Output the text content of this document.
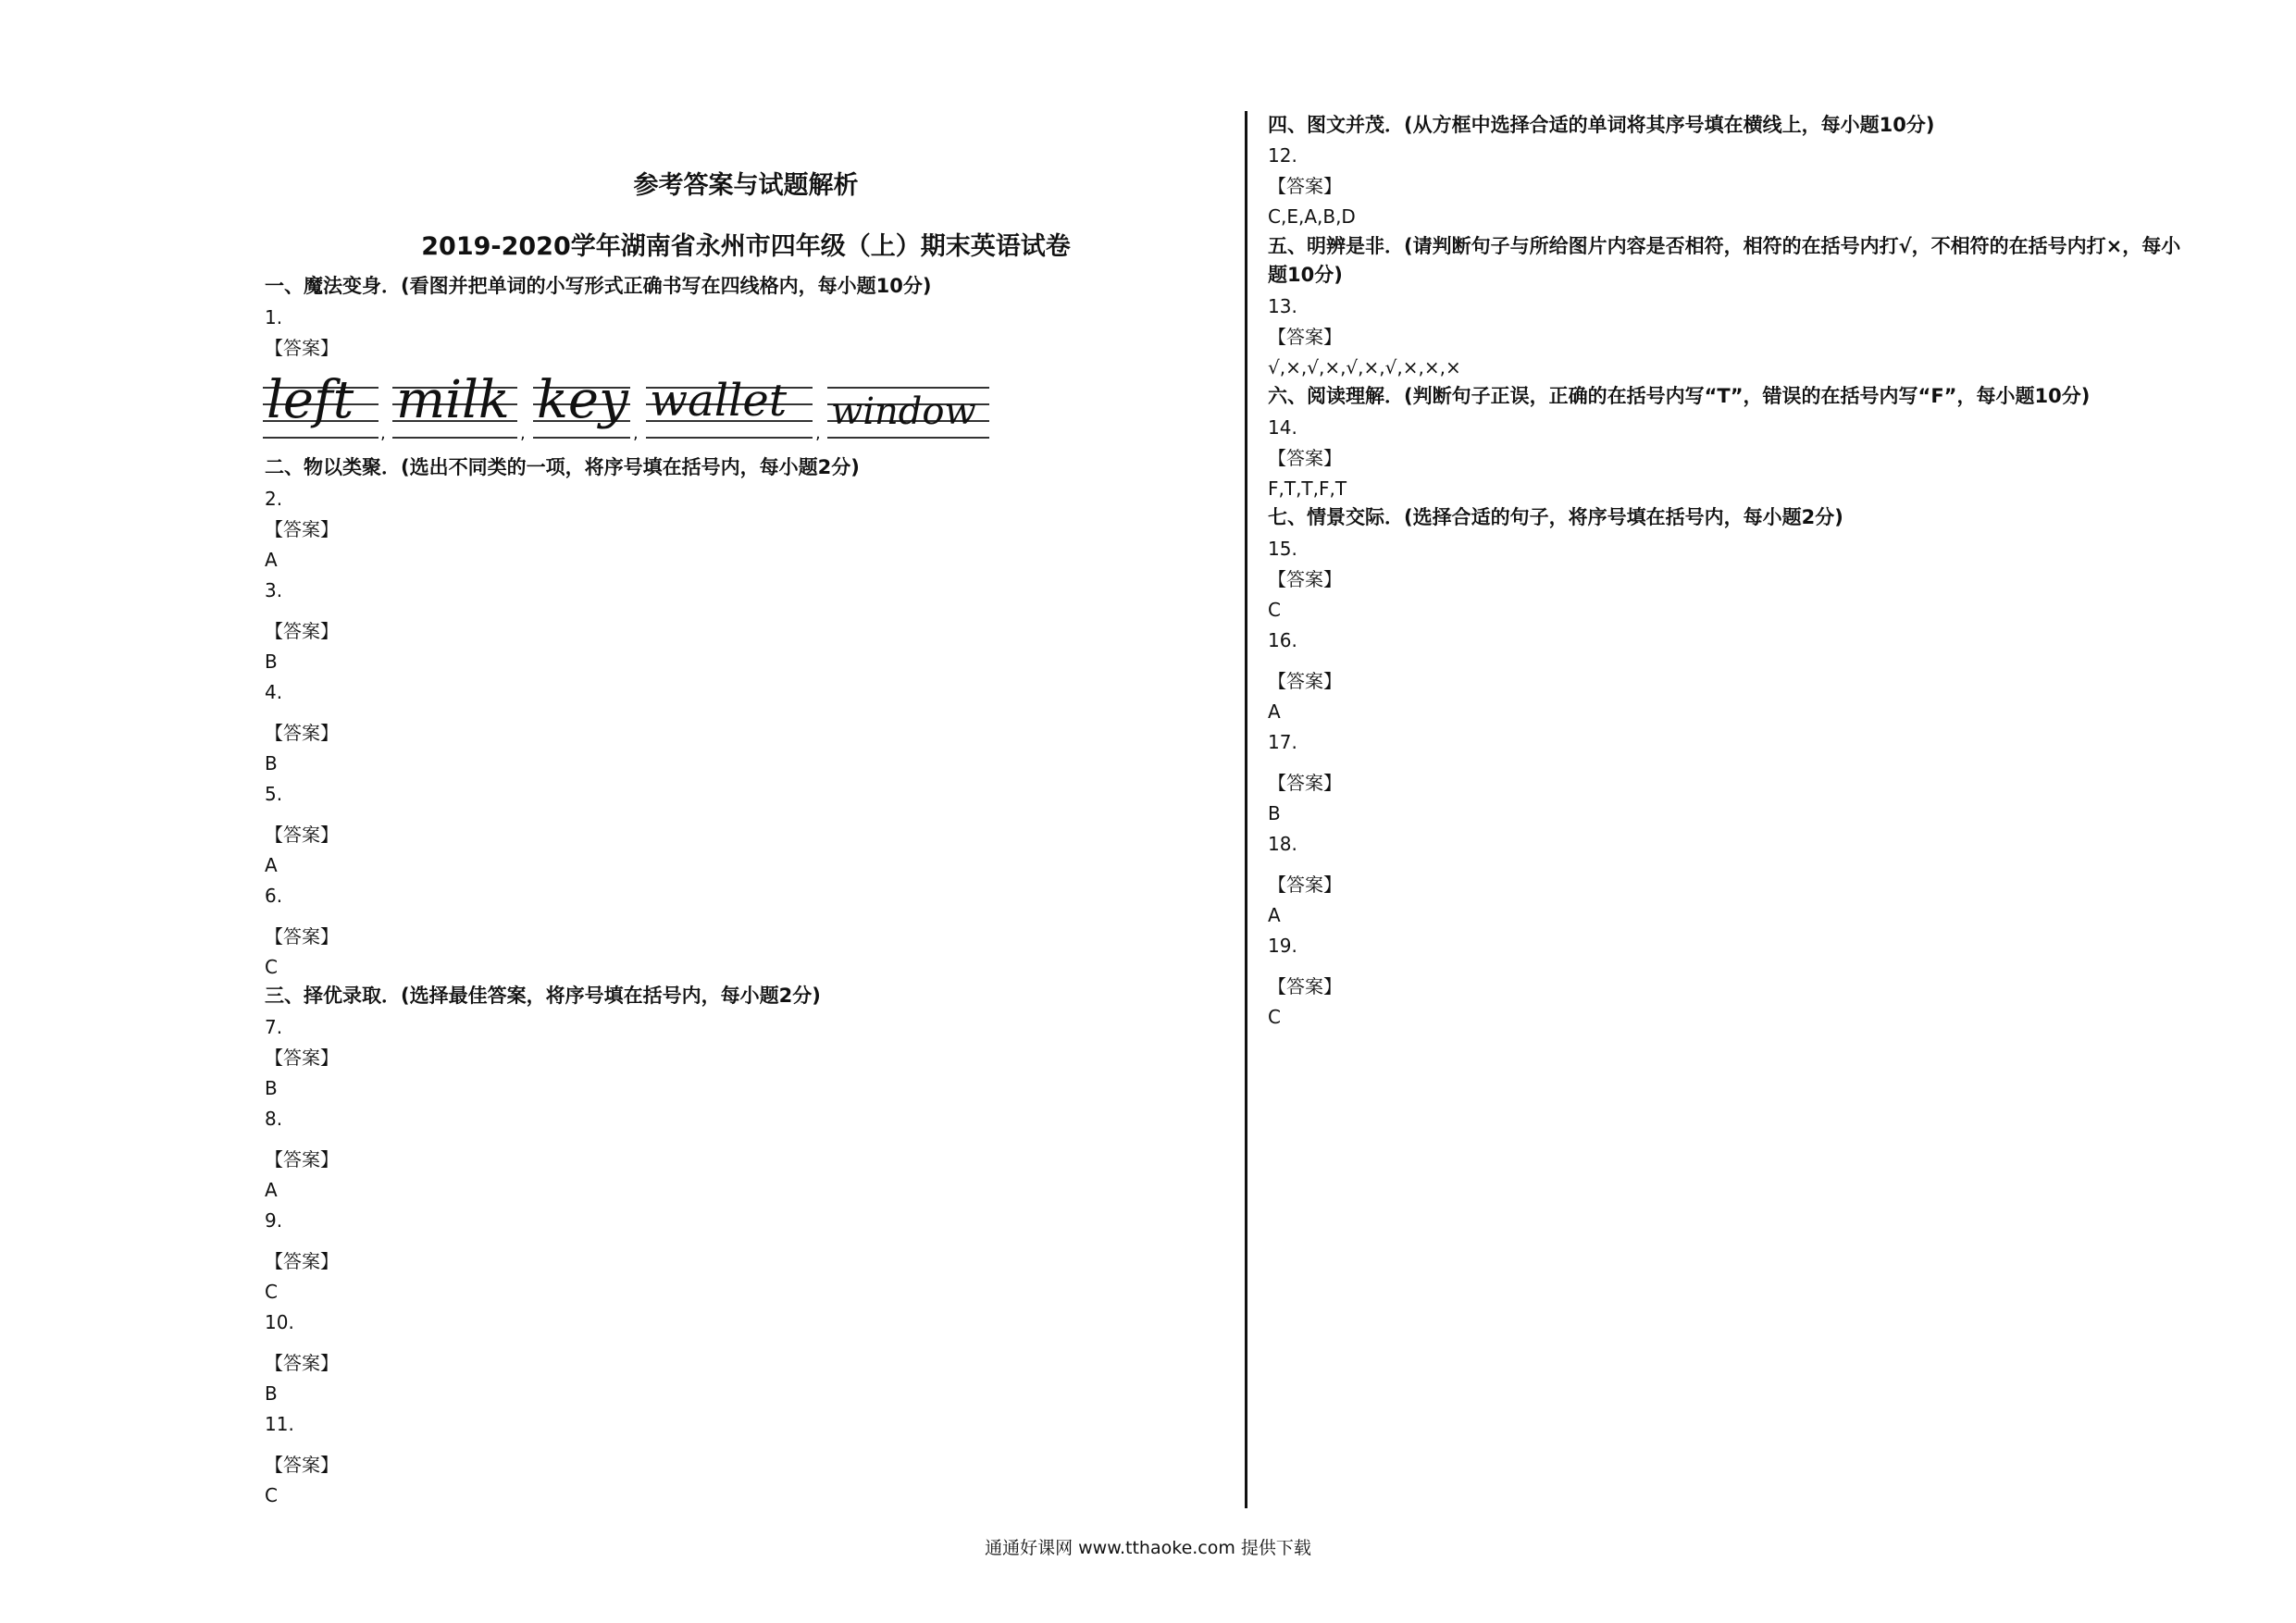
参考答案与试题解析
2019-2020学年湖南省永州市四年级（上）期末英语试卷
一、魔法变身．(看图并把单词的小写形式正确书写在四线格内，每小题10分)
1.
【答案】
二、物以类聚．(选出不同类的一项，将序号填在括号内，每小题2分)
2.
【答案】
A
3.
【答案】
B
4.
【答案】
B
5.
【答案】
A
6.
【答案】
C
三、择优录取．(选择最佳答案，将序号填在括号内，每小题2分)
7.
【答案】
B
8.
【答案】
A
9.
【答案】
C
10.
【答案】
B
11.
【答案】
C
left
,
milk
,
key
,
wallet
,
window
四、图文并茂．(从方框中选择合适的单词将其序号填在横线上，每小题10分)
12.
【答案】
C,E,A,B,D
五、明辨是非．(请判断句子与所给图片内容是否相符，相符的在括号内打√，不相符的在括号内打×，每小
题10分)
13.
【答案】
√,×,√,×,√,×,√,×,×,×
六、阅读理解．(判断句子正误，正确的在括号内写“T”，错误的在括号内写“F”，每小题10分)
14.
【答案】
F,T,T,F,T
七、情景交际．(选择合适的句子，将序号填在括号内，每小题2分)
15.
【答案】
C
16.
【答案】
A
17.
【答案】
B
18.
【答案】
A
19.
【答案】
C
通通好课网 www.tthaoke.com 提供下载
